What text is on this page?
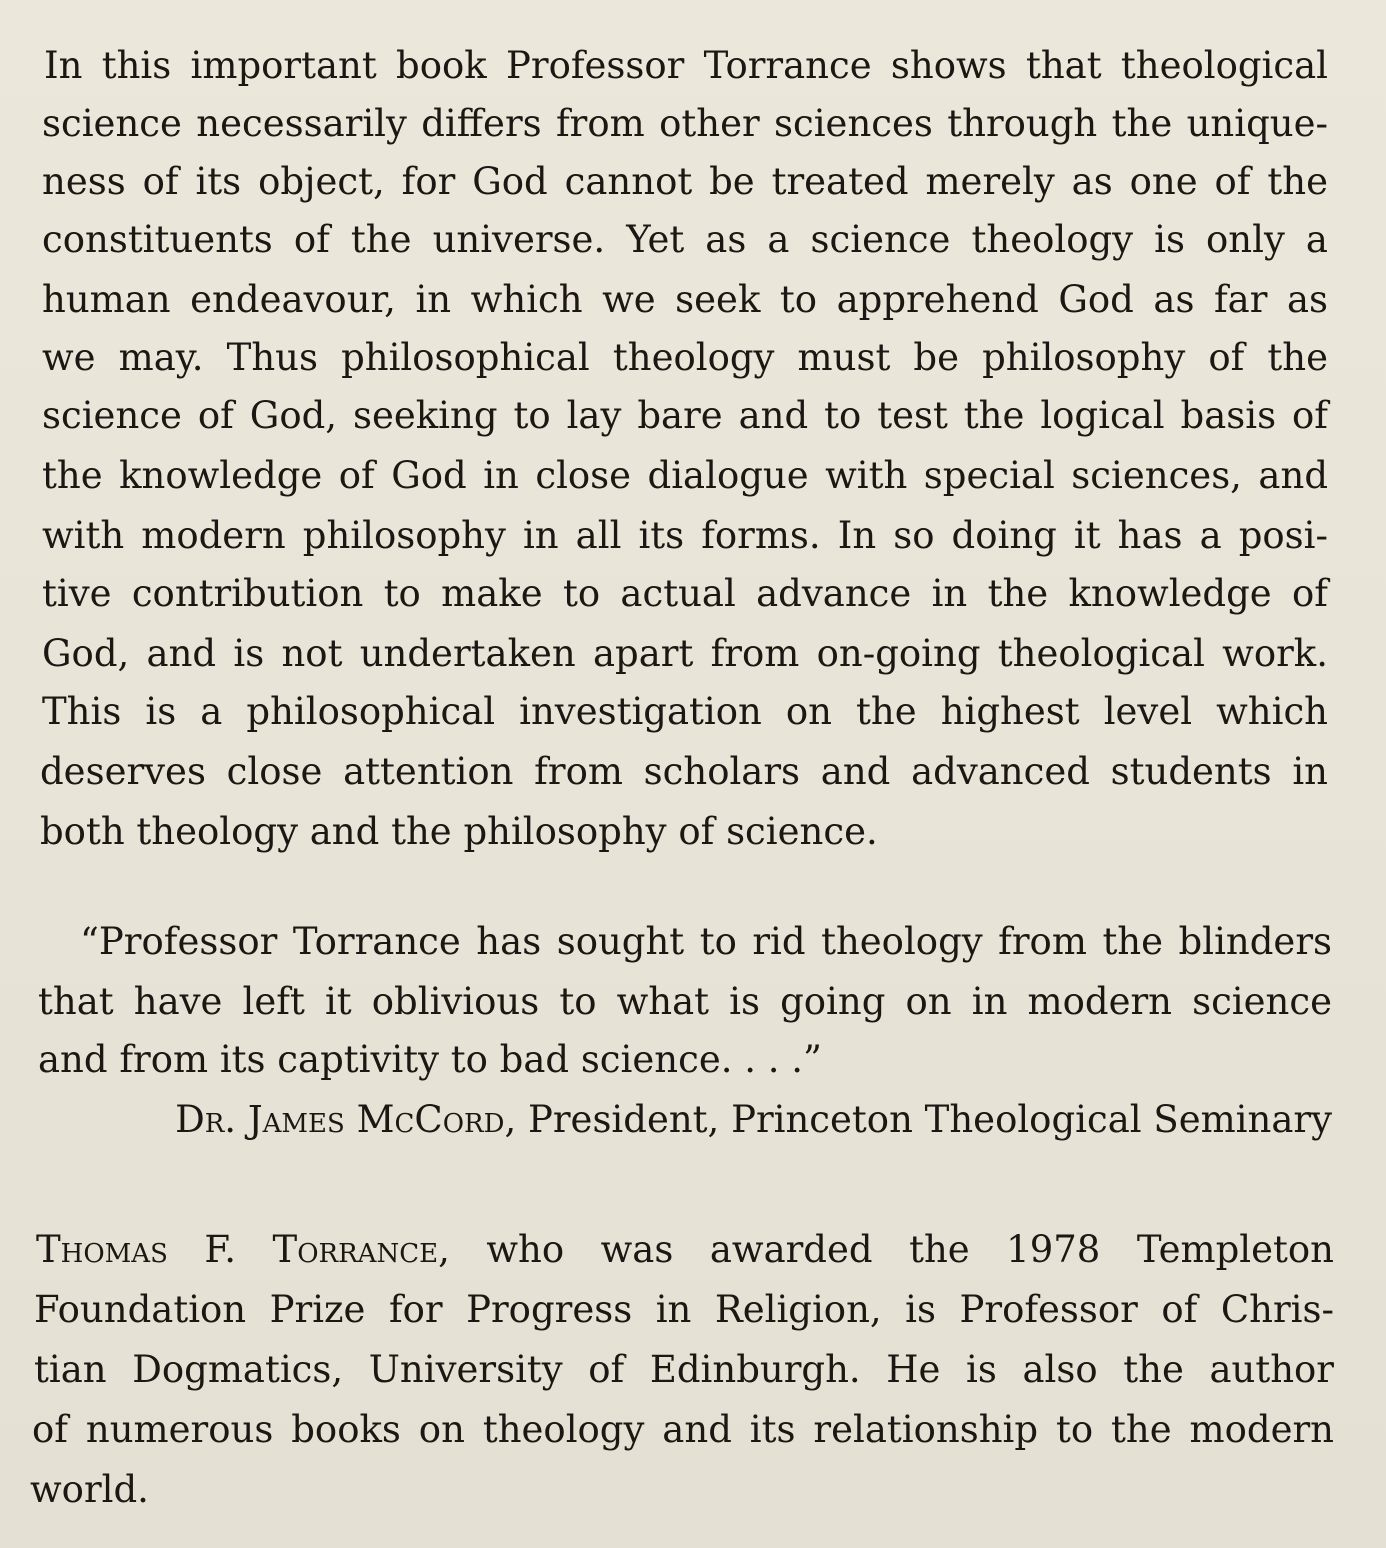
In this important book Professor Torrance shows that theological

science necessarily differs from other sciences through the unique-

ness of its object, for God cannot be treated merely as one of the

constituents of the universe. Yet as a science theology is only a

human endeavour, in which we seek to apprehend God as far as

we may. Thus philosophical theology must be philosophy of the

science of God, seeking to lay bare and to test the logical basis of

the knowledge of God in close dialogue with special sciences, and

with modern philosophy in all its forms. In so doing it has a posi-

tive contribution to make to actual advance in the knowledge of

God, and is not undertaken apart from on-going theological work.

This is a philosophical investigation on the highest level which

deserves close attention from scholars and advanced students in

both theology and the philosophy of science.

“Professor Torrance has sought to rid theology from the blinders

that have left it oblivious to what is going on in modern science

and from its captivity to bad science. . . .”

Dr. James McCord, President, Princeton Theological Seminary

Thomas F. Torrance, who was awarded the 1978 Templeton

Foundation Prize for Progress in Religion, is Professor of Chris-

tian Dogmatics, University of Edinburgh. He is also the author

of numerous books on theology and its relationship to the modern

world.
